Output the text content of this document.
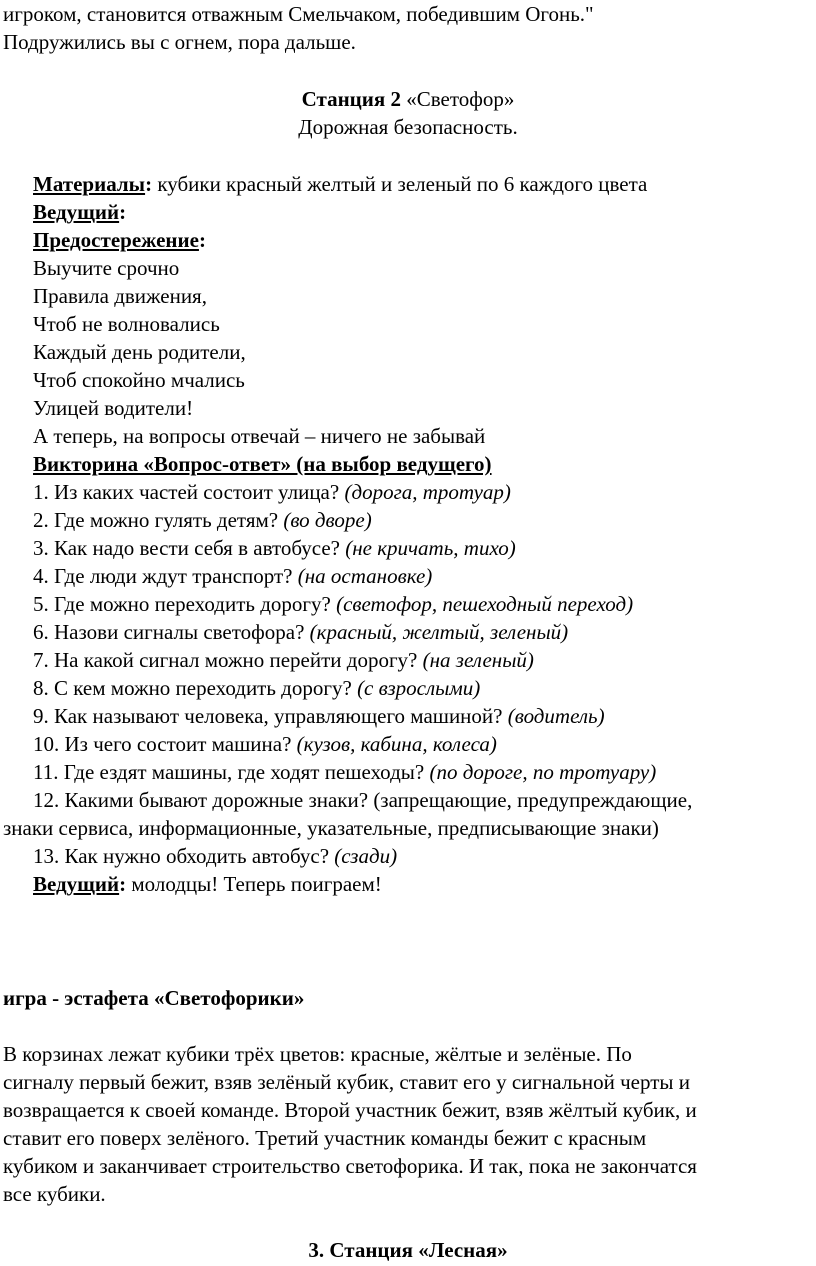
игроком, становится отважным Смельчаком, победившим Огонь."
Подружились вы с огнем, пора дальше.
Станция 2 «Светофор»
Дорожная безопасность.
Материалы: кубики красный желтый и зеленый по 6 каждого цвета
Ведущий:
Предостережение:
Выучите срочно
Правила движения,
Чтоб не волновались
Каждый день родители,
Чтоб спокойно мчались
Улицей водители!
А теперь, на вопросы отвечай – ничего не забывай
Викторина «Вопрос-ответ» (на выбор ведущего)
1. Из каких частей состоит улица? (дорога, тротуар)
2. Где можно гулять детям? (во дворе)
3. Как надо вести себя в автобусе? (не кричать, тихо)
4. Где люди ждут транспорт? (на остановке)
5. Где можно переходить дорогу? (светофор, пешеходный переход)
6. Назови сигналы светофора? (красный, желтый, зеленый)
7. На какой сигнал можно перейти дорогу? (на зеленый)
8. С кем можно переходить дорогу? (с взрослыми)
9. Как называют человека, управляющего машиной? (водитель)
10. Из чего состоит машина? (кузов, кабина, колеса)
11. Где ездят машины, где ходят пешеходы? (по дороге, по тротуару)
12. Какими бывают дорожные знаки? (запрещающие, предупреждающие,
знаки сервиса, информационные, указательные, предписывающие знаки)
13. Как нужно обходить автобус? (сзади)
Ведущий: молодцы! Теперь поиграем!
игра - эстафета «Светофорики»
В корзинах лежат кубики трёх цветов: красные, жёлтые и зелёные. По
сигналу первый бежит, взяв зелёный кубик, ставит его у сигнальной черты и
возвращается к своей команде. Второй участник бежит, взяв жёлтый кубик, и
ставит его поверх зелёного. Третий участник команды бежит с красным
кубиком и заканчивает строительство светофорика. И так, пока не закончатся
все кубики.
3. Станция «Лесная»
